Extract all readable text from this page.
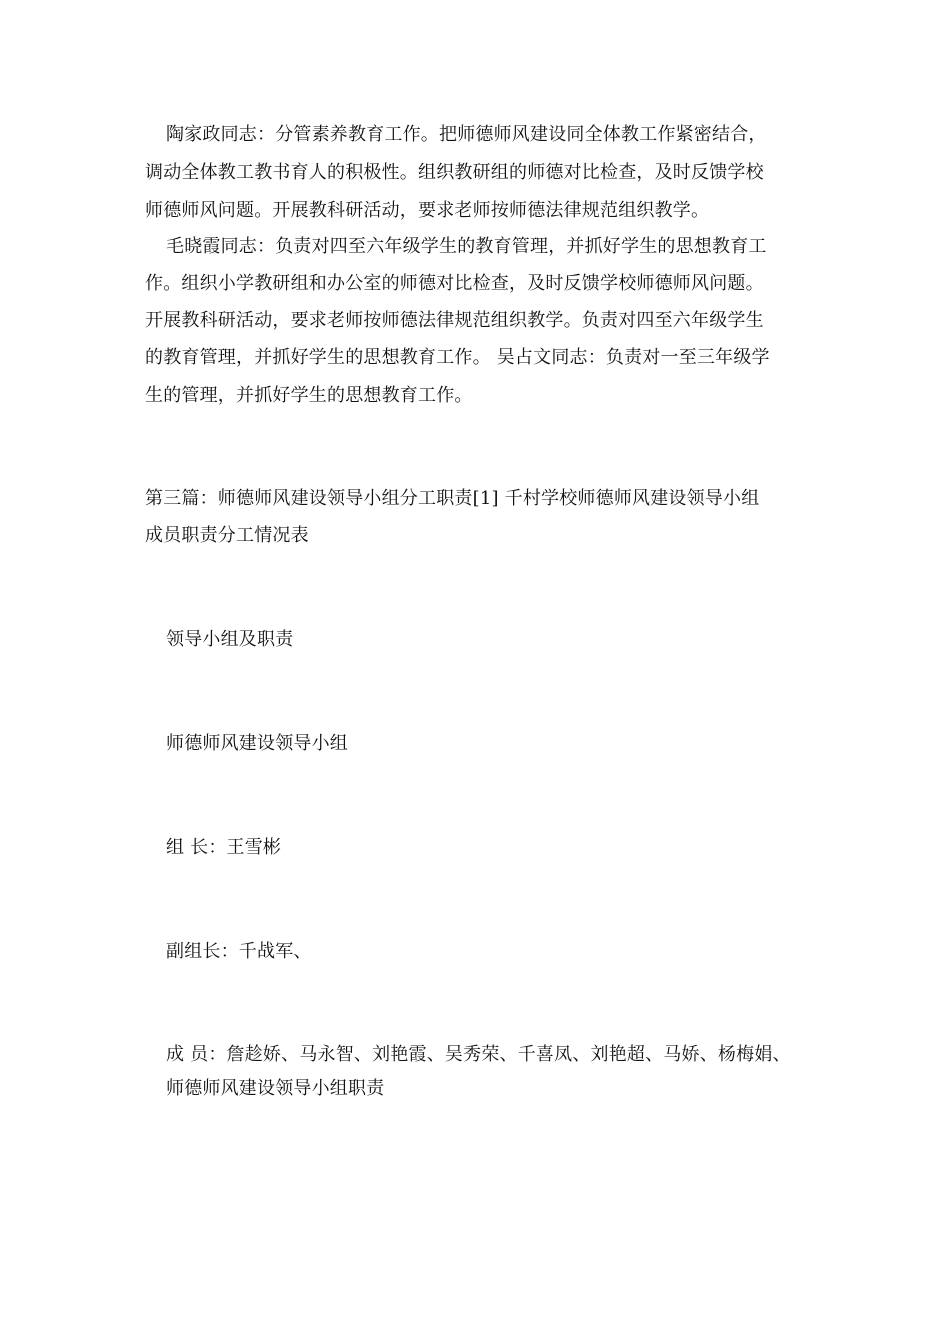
陶家政同志：分管素养教育工作。把师德师风建设同全体教工作紧密结合，
调动全体教工教书育人的积极性。组织教研组的师德对比检查，及时反馈学校
师德师风问题。开展教科研活动，要求老师按师德法律规范组织教学。
毛晓霞同志：负责对四至六年级学生的教育管理，并抓好学生的思想教育工
作。组织小学教研组和办公室的师德对比检查，及时反馈学校师德师风问题。
开展教科研活动，要求老师按师德法律规范组织教学。负责对四至六年级学生
的教育管理，并抓好学生的思想教育工作。 吴占文同志：负责对一至三年级学
生的管理，并抓好学生的思想教育工作。
第三篇：师德师风建设领导小组分工职责[1] 千村学校师德师风建设领导小组
成员职责分工情况表
领导小组及职责
师德师风建设领导小组
组 长：王雪彬
副组长：千战军、
成 员：詹趁娇、马永智、刘艳霞、吴秀荣、千喜凤、刘艳超、马娇、杨梅娟、
师德师风建设领导小组职责
